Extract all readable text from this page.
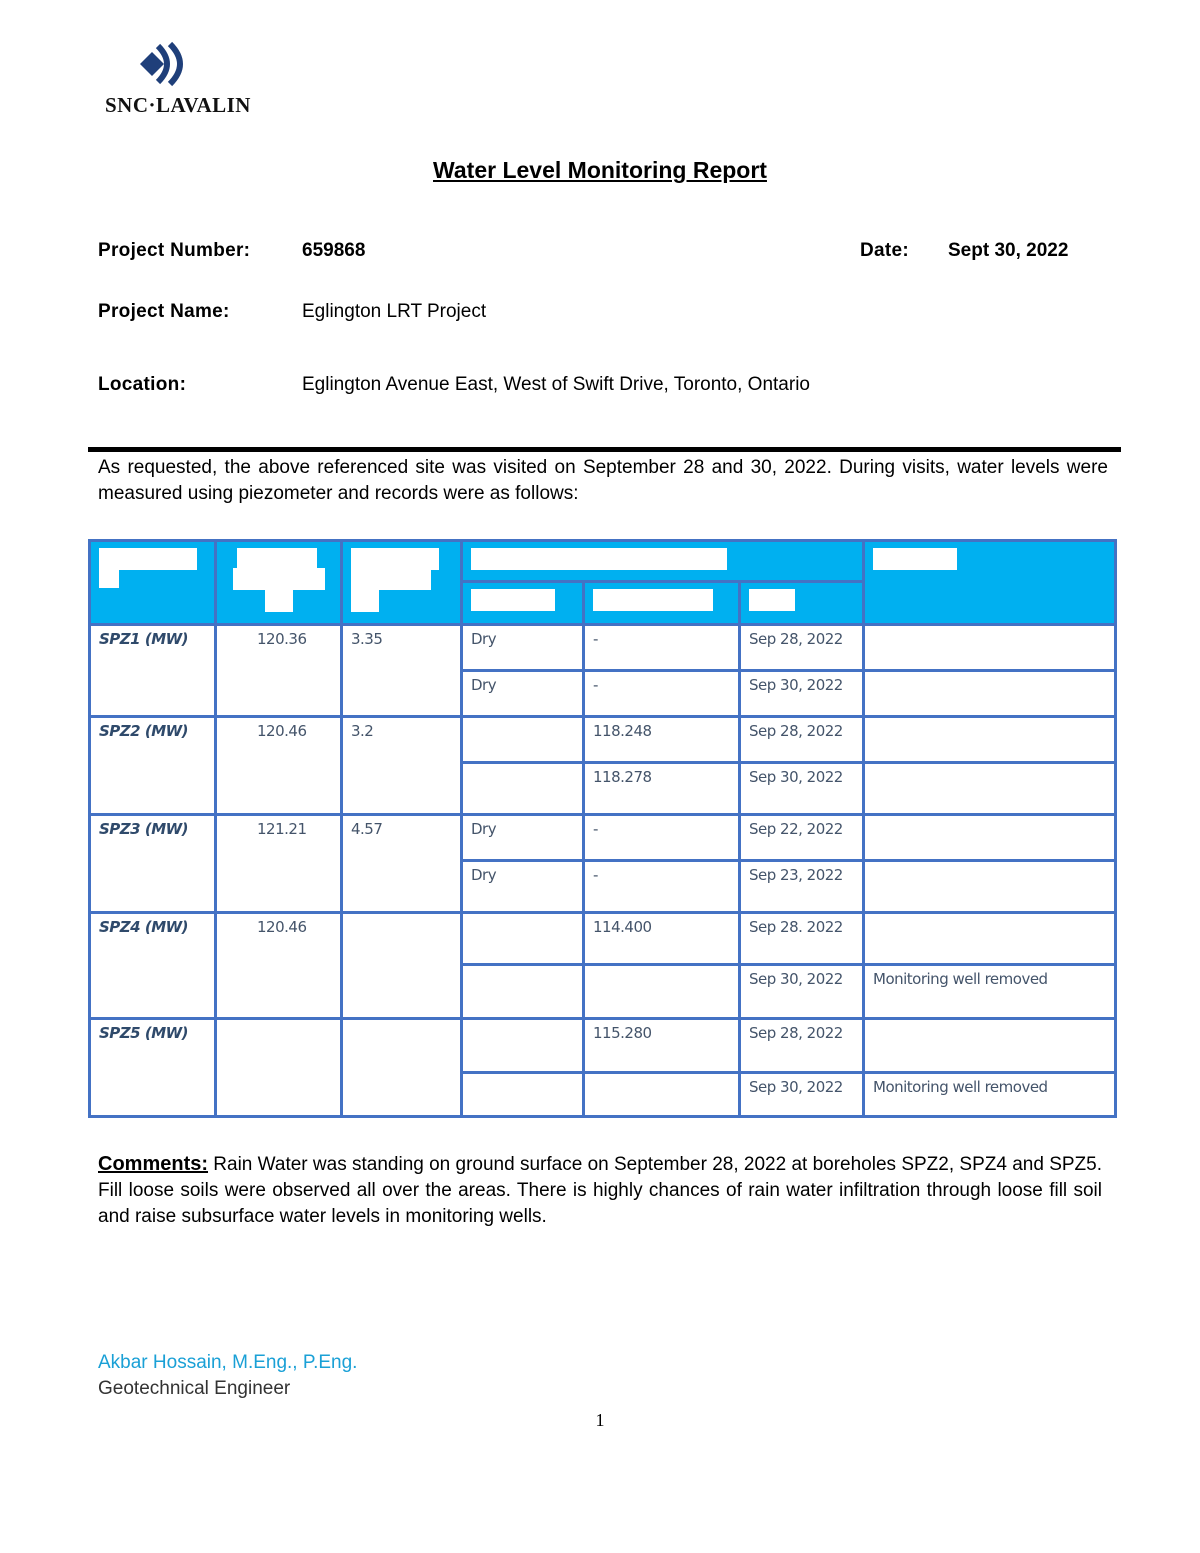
SNC·LAVALIN
Water Level Monitoring Report
Project Number:	659868	Date: Sept 30, 2022
Project Name:	Eglington LRT Project
Location:	Eglington Avenue East, West of Swift Drive, Toronto, Ontario
As requested, the above referenced site was visited on September 28 and 30, 2022. During visits, water levels were measured using piezometer and records were as follows:

SPZ1 (MW)	120.36	3.35	Dry	-	Sep 28, 2022	
			Dry	-	Sep 30, 2022	
SPZ2 (MW)	120.46	3.2		118.248	Sep 28, 2022	
				118.278	Sep 30, 2022	
SPZ3 (MW)	121.21	4.57	Dry	-	Sep 22, 2022	
			Dry	-	Sep 23, 2022	
SPZ4 (MW)	120.46			114.400	Sep 28. 2022	
					Sep 30, 2022	Monitoring well removed
SPZ5 (MW)				115.280	Sep 28, 2022	
					Sep 30, 2022	Monitoring well removed
Comments: Rain Water was standing on ground surface on September 28, 2022 at boreholes SPZ2, SPZ4 and SPZ5. Fill loose soils were observed all over the areas. There is highly chances of rain water infiltration through loose fill soil and raise subsurface water levels in monitoring wells.
Akbar Hossain, M.Eng., P.Eng.
Geotechnical Engineer
1
